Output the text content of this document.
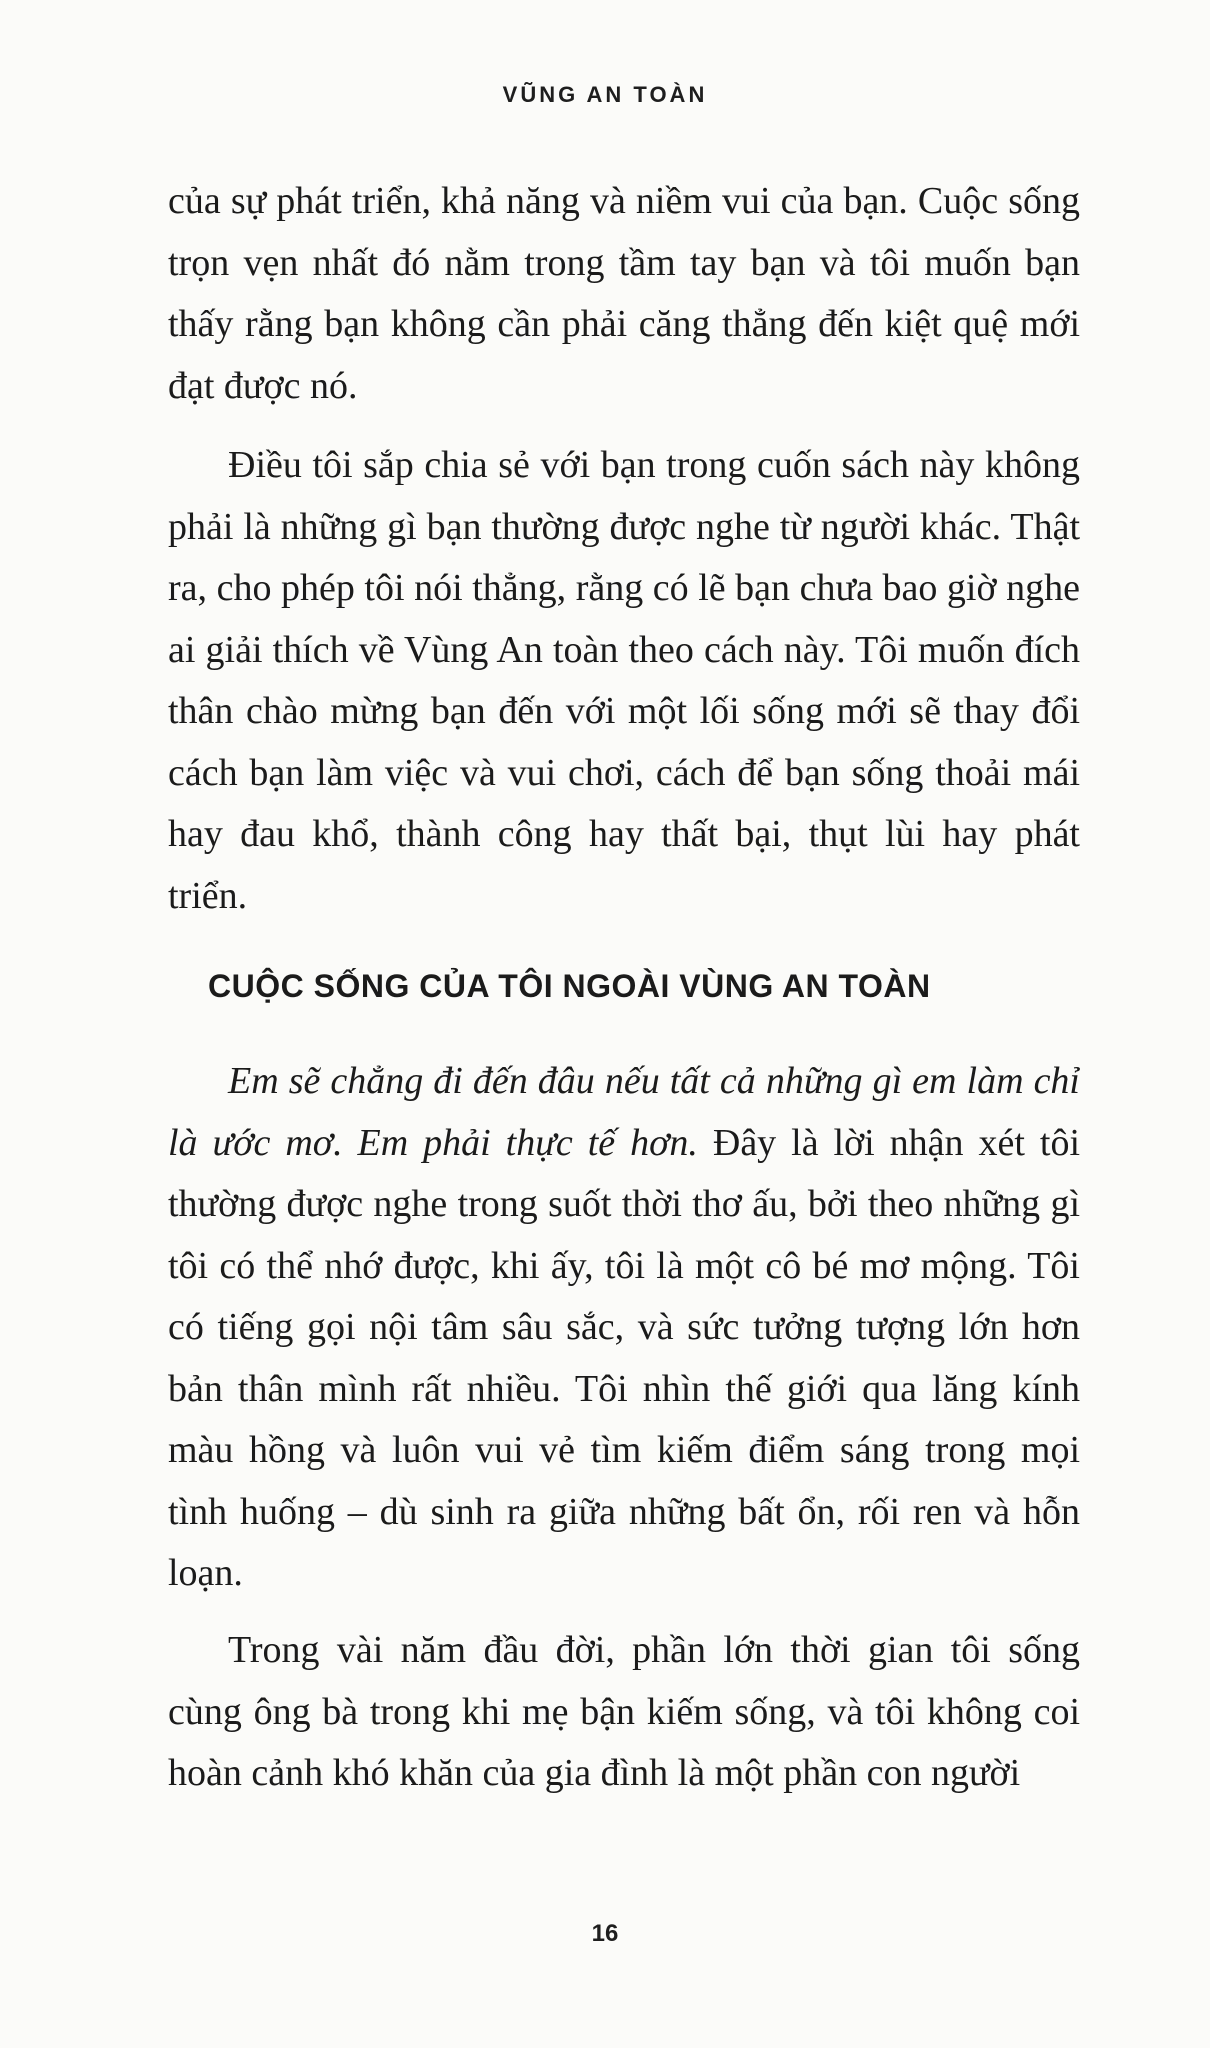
VŨNG AN TOÀN

của sự phát triển, khả năng và niềm vui của bạn. Cuộc sống trọn vẹn nhất đó nằm trong tầm tay bạn và tôi muốn bạn thấy rằng bạn không cần phải căng thẳng đến kiệt quệ mới đạt được nó.

Điều tôi sắp chia sẻ với bạn trong cuốn sách này không phải là những gì bạn thường được nghe từ người khác. Thật ra, cho phép tôi nói thẳng, rằng có lẽ bạn chưa bao giờ nghe ai giải thích về Vùng An toàn theo cách này. Tôi muốn đích thân chào mừng bạn đến với một lối sống mới sẽ thay đổi cách bạn làm việc và vui chơi, cách để bạn sống thoải mái hay đau khổ, thành công hay thất bại, thụt lùi hay phát triển.

CUỘC SỐNG CỦA TÔI NGOÀI VÙNG AN TOÀN

Em sẽ chẳng đi đến đâu nếu tất cả những gì em làm chỉ là ước mơ. Em phải thực tế hơn. Đây là lời nhận xét tôi thường được nghe trong suốt thời thơ ấu, bởi theo những gì tôi có thể nhớ được, khi ấy, tôi là một cô bé mơ mộng. Tôi có tiếng gọi nội tâm sâu sắc, và sức tưởng tượng lớn hơn bản thân mình rất nhiều. Tôi nhìn thế giới qua lăng kính màu hồng và luôn vui vẻ tìm kiếm điểm sáng trong mọi tình huống – dù sinh ra giữa những bất ổn, rối ren và hỗn loạn.

Trong vài năm đầu đời, phần lớn thời gian tôi sống cùng ông bà trong khi mẹ bận kiếm sống, và tôi không coi hoàn cảnh khó khăn của gia đình là một phần con người

16
